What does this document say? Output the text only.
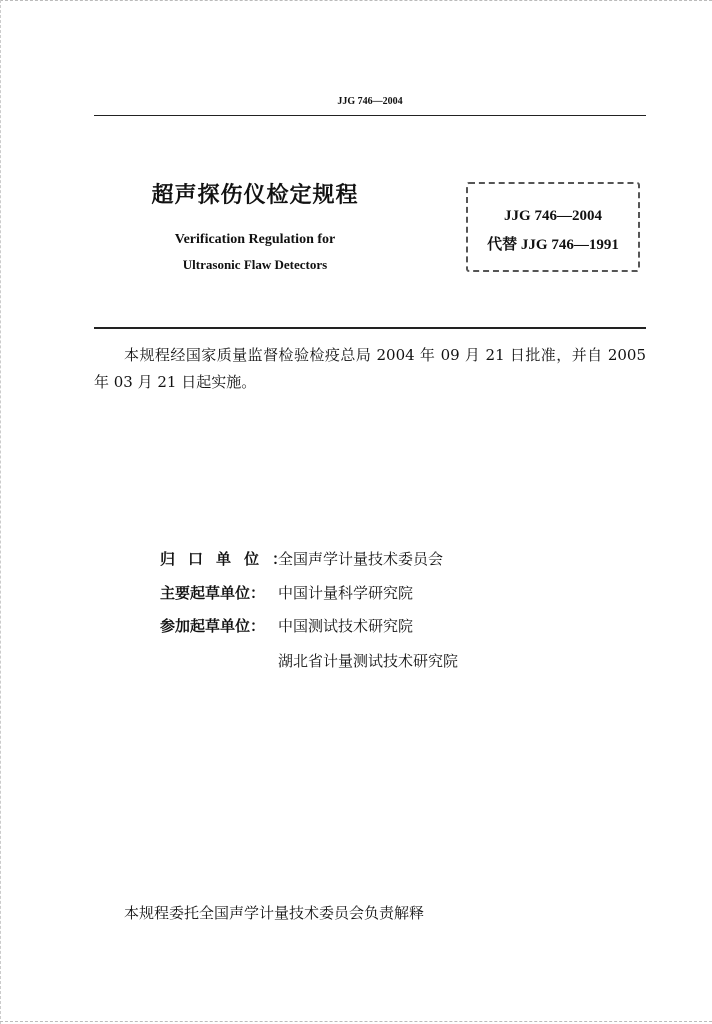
JJG 746—2004
超声探伤仪检定规程
Verification Regulation for
Ultrasonic Flaw Detectors
JJG 746—2004
代替 JJG 746—1991

本规程经国家质量监督检验检疫总局 2004 年 09 月 21 日批准，并自 2005 年 03 月 21 日起实施。

归口单位：全国声学计量技术委员会
主要起草单位： 中国计量科学研究院
参加起草单位： 中国测试技术研究院
湖北省计量测试技术研究院
本规程委托全国声学计量技术委员会负责解释
